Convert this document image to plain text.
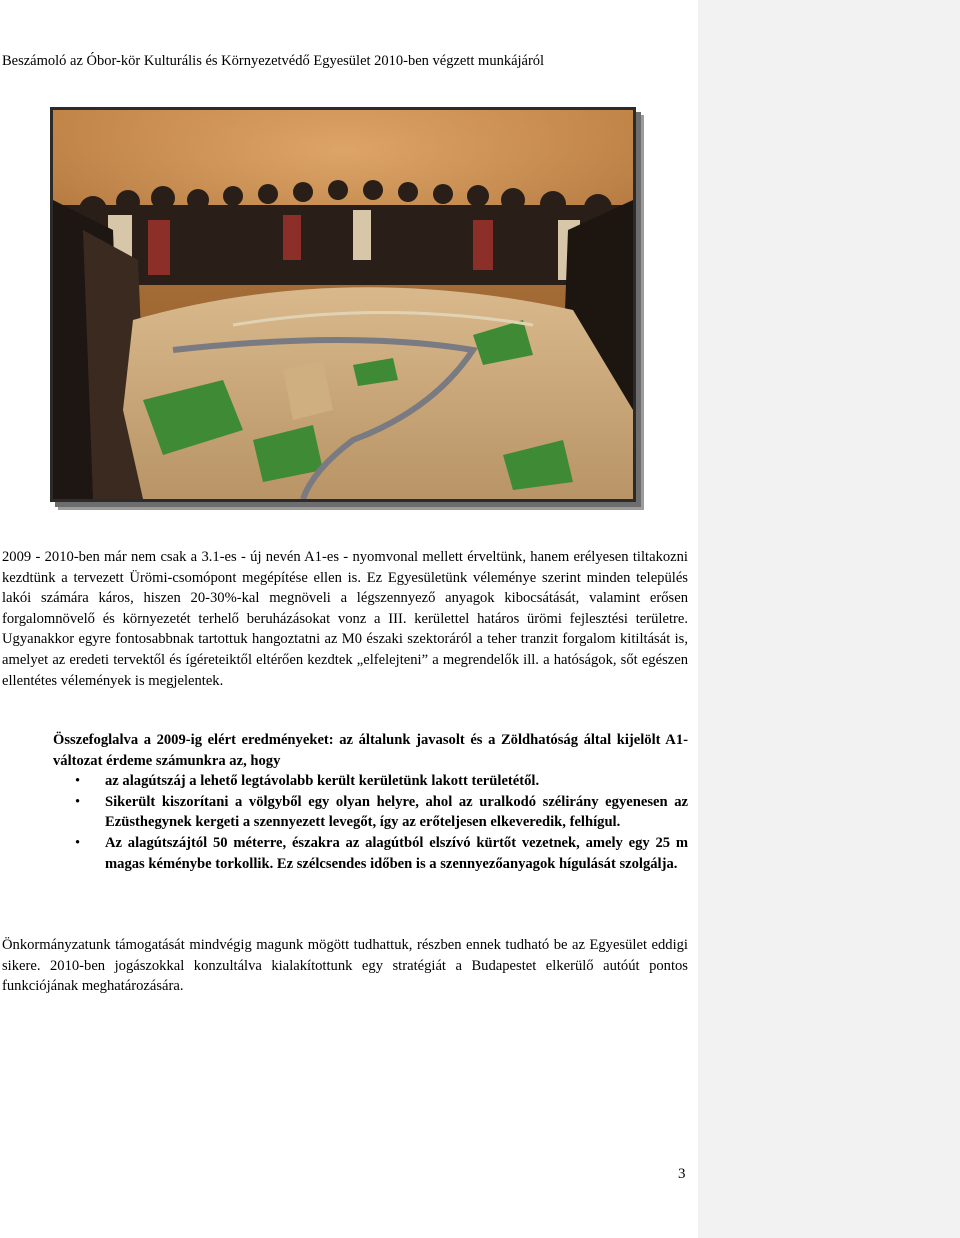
Beszámoló az Óbor-kör Kulturális és Környezetvédő Egyesület 2010-ben végzett munkájáról
2009 - 2010-ben már nem csak a 3.1-es - új nevén A1-es - nyomvonal mellett érveltünk, hanem erélyesen tiltakozni kezdtünk a tervezett Ürömi-csomópont megépítése ellen is. Ez Egyesületünk véleménye szerint minden település lakói számára káros, hiszen 20-30%-kal megnöveli a légszennyező anyagok kibocsátását, valamint erősen forgalomnövelő és környezetét terhelő beruházásokat vonz a III. kerülettel határos ürömi fejlesztési területre. Ugyanakkor egyre fontosabbnak tartottuk hangoztatni az M0 északi szektoráról a teher tranzit forgalom kitiltását is, amelyet az eredeti tervektől és ígéreteiktől eltérően kezdtek „elfelejteni” a megrendelők ill. a hatóságok, sőt egészen ellentétes vélemények is megjelentek.
Összefoglalva a 2009-ig elért eredményeket: az általunk javasolt és a Zöldhatóság által kijelölt A1-változat érdeme számunkra az, hogy
• az alagútszáj a lehető legtávolabb került kerületünk lakott területétől.
• Sikerült kiszorítani a völgyből egy olyan helyre, ahol az uralkodó szélirány egyenesen az Ezüsthegynek kergeti a szennyezett levegőt, így az erőteljesen elkeveredik, felhígul.
• Az alagútszájtól 50 méterre, északra az alagútból elszívó kürtőt vezetnek, amely egy 25 m magas kéménybe torkollik. Ez szélcsendes időben is a szennyezőanyagok hígulását szolgálja.
Önkormányzatunk támogatását mindvégig magunk mögött tudhattuk, részben ennek tudható be az Egyesület eddigi sikere. 2010-ben jogászokkal konzultálva kialakítottunk egy stratégiát a Budapestet elkerülő autóút pontos funkciójának meghatározására.
3
